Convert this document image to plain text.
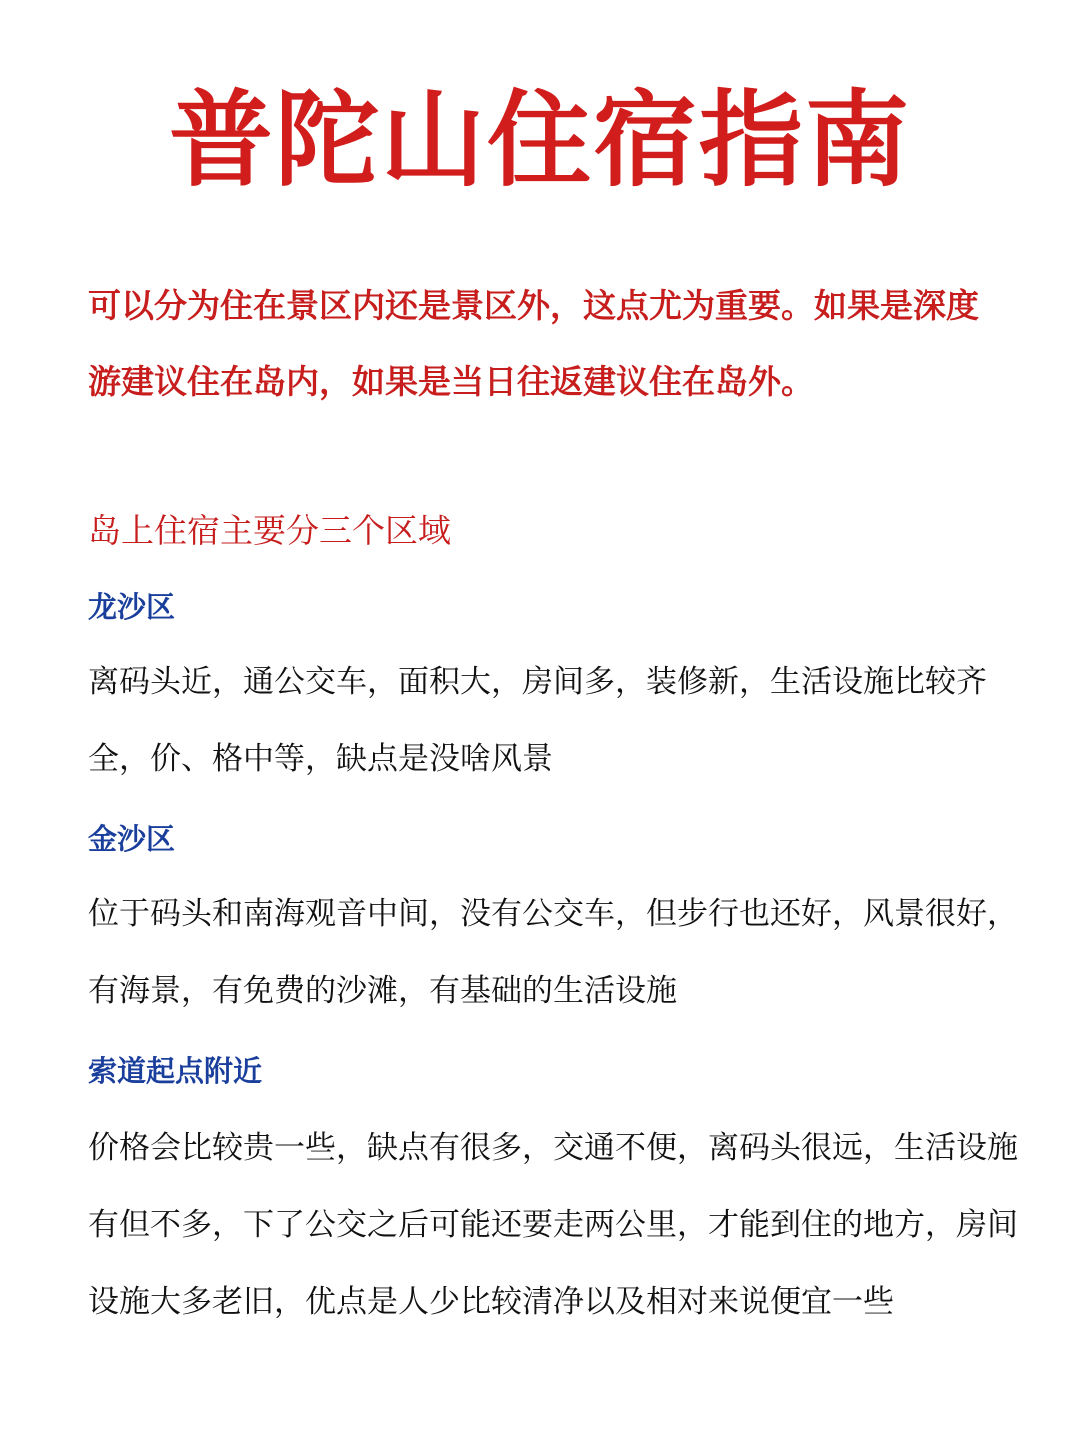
普陀山住宿指南

可以分为住在景区内还是景区外，这点尤为重要。如果是深度游建议住在岛内，如果是当日往返建议住在岛外。

岛上住宿主要分三个区域
龙沙区

离码头近，通公交车，面积大，房间多，装修新，生活设施比较齐全，价、格中等，缺点是没啥风景

金沙区

位于码头和南海观音中间，没有公交车，但步行也还好，风景很好，有海景，有免费的沙滩，有基础的生活设施

索道起点附近

价格会比较贵一些，缺点有很多，交通不便，离码头很远，生活设施有但不多，下了公交之后可能还要走两公里，才能到住的地方，房间设施大多老旧，优点是人少比较清净以及相对来说便宜一些
